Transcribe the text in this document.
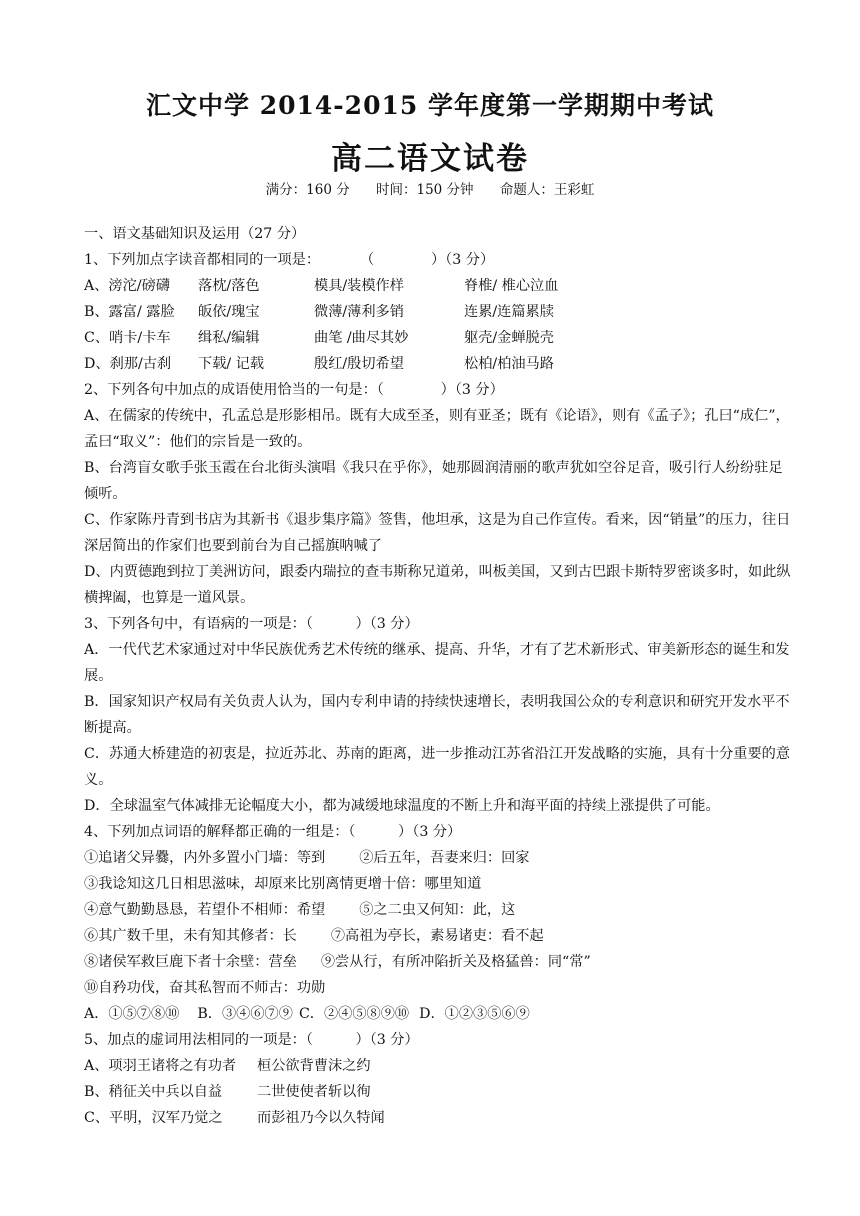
汇文中学 2014-2015 学年度第一学期期中考试
高二语文试卷
满分：160 分 时间：150 分钟 命题人：王彩虹
一、语文基础知识及运用（27 分）
1、下列加点字读音都相同的一项是：	（　　　　）（3 分）
A、滂沱/磅礴	落枕/落色	模具/装模作样	脊椎/ 椎心泣血
B、露富/ 露脸	皈依/瑰宝	微薄/薄利多销	连累/连篇累牍
C、哨卡/卡车	缉私/编辑	曲笔 /曲尽其妙	躯壳/金蝉脱壳
D、刹那/古刹	下载/ 记载	殷红/殷切希望	松柏/柏油马路
2、下列各句中加点的成语使用恰当的一句是：（　　　　）（3 分）
A、在儒家的传统中，孔孟总是形影相吊。既有大成至圣，则有亚圣；既有《论语》，则有《孟子》；孔曰“成仁”，孟曰“取义”：他们的宗旨是一致的。
B、台湾盲女歌手张玉霞在台北街头演唱《我只在乎你》，她那圆润清丽的歌声犹如空谷足音，吸引行人纷纷驻足倾听。
C、作家陈丹青到书店为其新书《退步集序篇》签售，他坦承，这是为自己作宣传。看来，因“销量”的压力，往日深居简出的作家们也要到前台为自己摇旗呐喊了
D、内贾德跑到拉丁美洲访问，跟委内瑞拉的查韦斯称兄道弟，叫板美国，又到古巴跟卡斯特罗密谈多时，如此纵横捭阖，也算是一道风景。
3、下列各句中，有语病的一项是：（　　　）（3 分）
A．一代代艺术家通过对中华民族优秀艺术传统的继承、提高、升华，才有了艺术新形式、审美新形态的诞生和发展。
B．国家知识产权局有关负责人认为，国内专利申请的持续快速增长，表明我国公众的专利意识和研究开发水平不断提高。
C．苏通大桥建造的初衷是，拉近苏北、苏南的距离，进一步推动江苏省沿江开发战略的实施，具有十分重要的意义。
D．全球温室气体减排无论幅度大小，都为减缓地球温度的不断上升和海平面的持续上涨提供了可能。
4、下列加点词语的解释都正确的一组是：（　　　）（3 分）
①追诸父异爨，内外多置小门墙：等到 ②后五年，吾妻来归：回家
③我谂知这几日相思滋味，却原来比别离情更增十倍：哪里知道
④意气勤勤恳恳，若望仆不相师：希望 ⑤之二虫又何知：此，这
⑥其广数千里，未有知其修者：长 ⑦高祖为亭长，素易诸吏：看不起
⑧诸侯军救巨鹿下者十余壁：营垒 ⑨尝从行，有所冲陷折关及格猛兽：同“常”
⑩自矜功伐，奋其私智而不师古：功勋
A．①⑤⑦⑧⑩ B．③④⑥⑦⑨ C．②④⑤⑧⑨⑩ D．①②③⑤⑥⑨
5、加点的虚词用法相同的一项是：（　　　）（3 分）
A、项羽王诸将之有功者 桓公欲背曹沫之约
B、稍征关中兵以自益 二世使使者斩以徇
C、平明，汉军乃觉之 而彭祖乃今以久特闻
